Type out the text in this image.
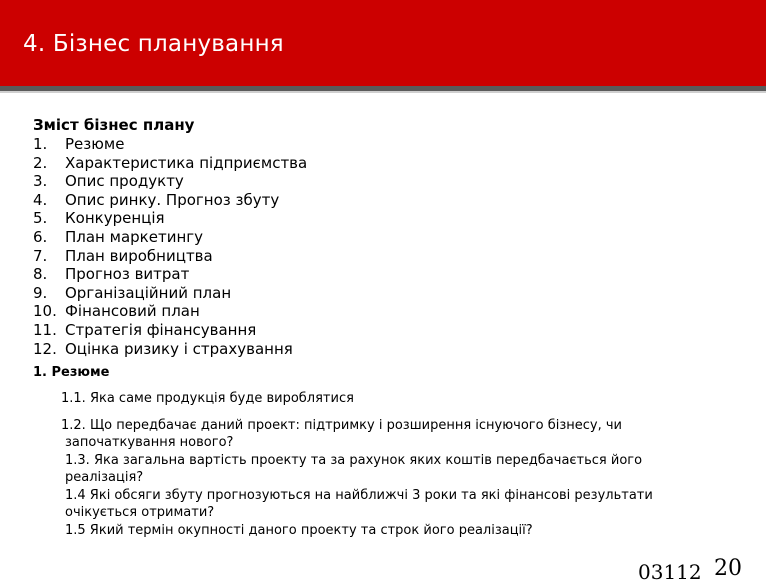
4. Бізнес планування
Зміст бізнес плану
1. Резюме
2. Характеристика підприємства
3. Опис продукту
4. Опис ринку. Прогноз збуту
5. Конкуренція
6. План маркетингу
7. План виробництва
8. Прогноз витрат
9. Організаційний план
10. Фінансовий план
11. Стратегія фінансування
12. Оцінка ризику і страхування
1. Резюме
1.1. Яка саме продукція буде вироблятися
1.2. Що передбачає даний проект: підтримку і розширення існуючого бізнесу, чи
започаткування нового?
1.3. Яка загальна вартість проекту та за рахунок яких коштів передбачається його
реалізація?
1.4 Які обсяги збуту прогнозуються на найближчі 3 роки та які фінансові результати
очікується отримати?
1.5 Який термін окупності даного проекту та строк його реалізації?
03112 20
